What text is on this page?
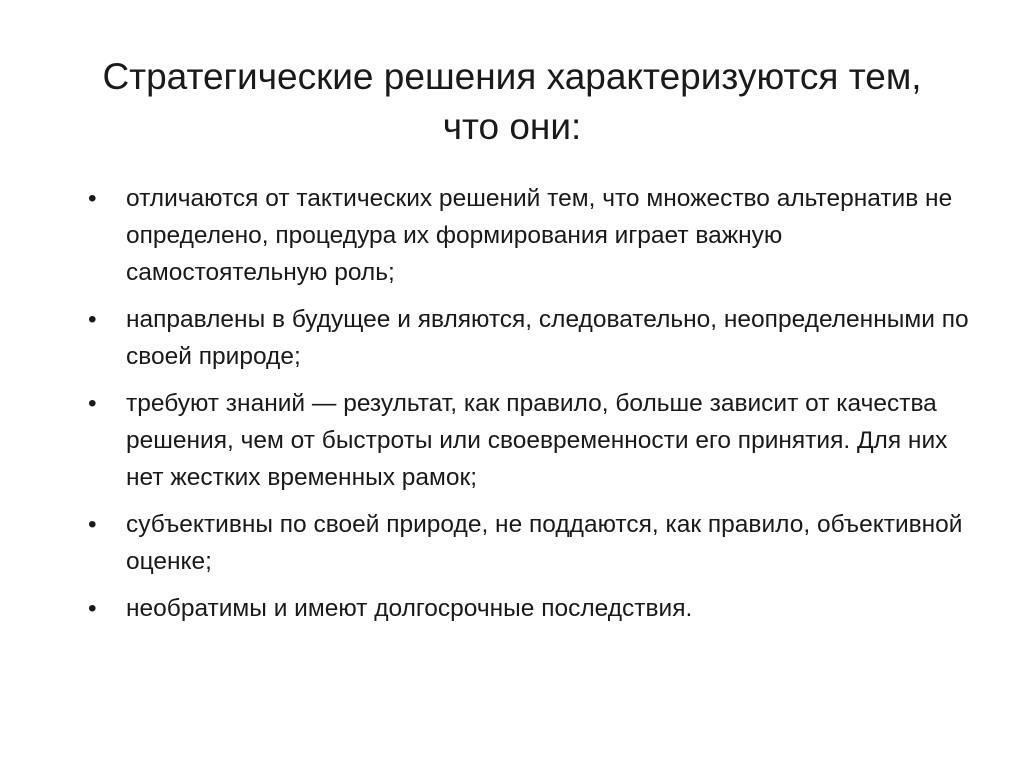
Стратегические решения характеризуются тем, что они:
•	отличаются от тактических решений тем, что множество альтернатив не определено, процедура их формирования играет важную самостоятельную роль;
•	направлены в будущее и являются, следовательно, неопределенными по своей природе;
•	требуют знаний — результат, как правило, больше зависит от качества решения, чем от быстроты или своевременности его принятия. Для них нет жестких временных рамок;
•	субъективны по своей природе, не поддаются, как правило, объективной оценке;
•	необратимы и имеют долгосрочные последствия.
